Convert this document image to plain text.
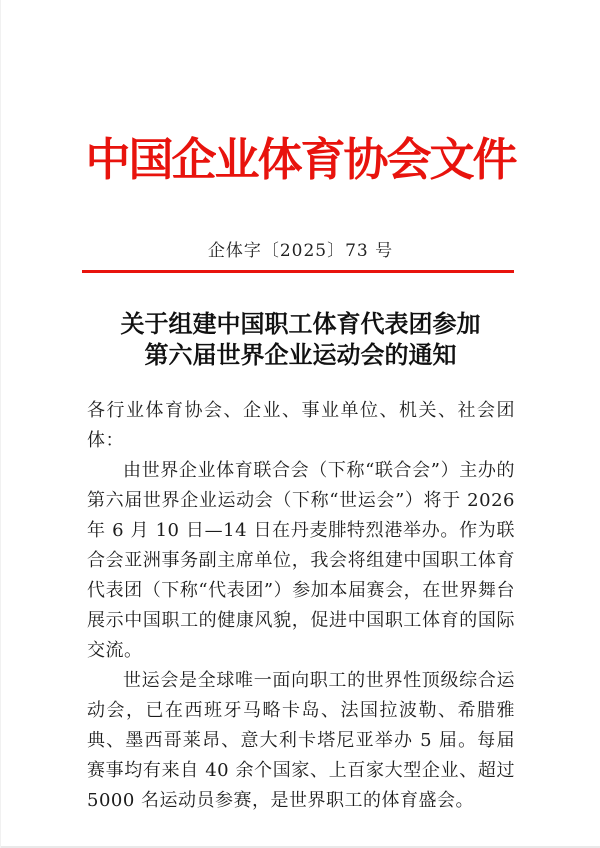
中国企业体育协会文件
企体字〔2025〕73 号
关于组建中国职工体育代表团参加
第六届世界企业运动会的通知

各行业体育协会、企业、事业单位、机关、社会团体：

由世界企业体育联合会（下称“联合会”）主办的第六届世界企业运动会（下称“世运会”）将于 2026 年 6 月 10 日—14 日在丹麦腓特烈港举办。作为联合会亚洲事务副主席单位，我会将组建中国职工体育代表团（下称“代表团”）参加本届赛会，在世界舞台展示中国职工的健康风貌，促进中国职工体育的国际交流。

世运会是全球唯一面向职工的世界性顶级综合运动会，已在西班牙马略卡岛、法国拉波勒、希腊雅典、墨西哥莱昂、意大利卡塔尼亚举办 5 届。每届赛事均有来自 40 余个国家、上百家大型企业、超过 5000 名运动员参赛，是世界职工的体育盛会。
